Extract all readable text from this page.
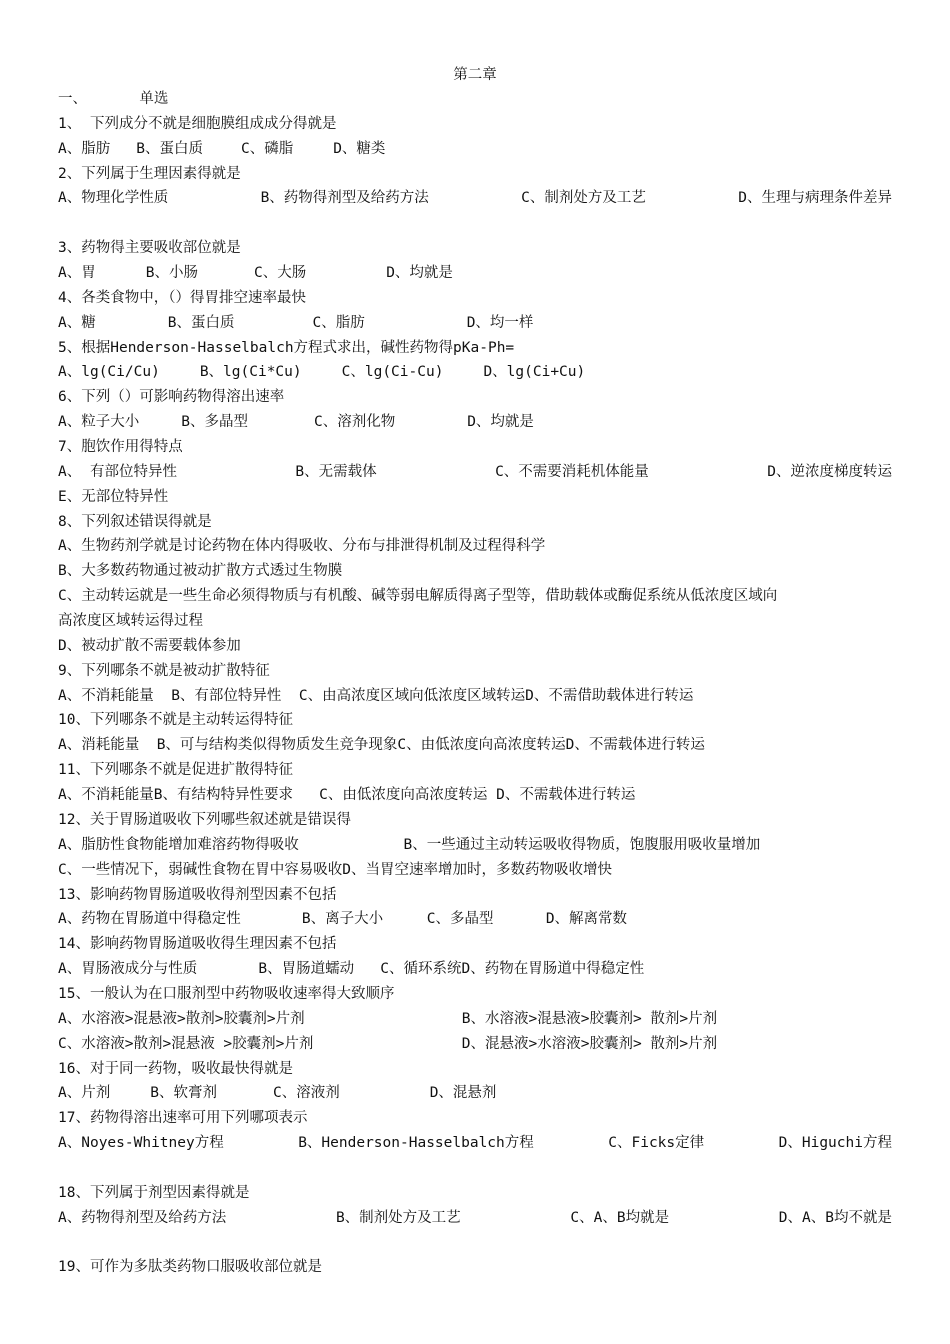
第二章
一、      单选
1、 下列成分不就是细胞膜组成成分得就是
A、脂肪 B、蛋白质	C、磷脂	D、糖类
2、下列属于生理因素得就是
A、物理化学性质	B、药物得剂型及给药方法	C、制剂处方及工艺	D、生理与病理条件差异
3、药物得主要吸收部位就是
A、胃	B、小肠	C、大肠	D、均就是
4、各类食物中，（）得胃排空速率最快
A、糖	B、蛋白质	C、脂肪	D、均一样
5、根据Henderson-Hasselbalch方程式求出，碱性药物得pKa-Ph=
A、lg(Ci/Cu)	B、lg(Ci*Cu)	C、lg(Ci-Cu)	D、lg(Ci+Cu)
6、下列（）可影响药物得溶出速率
A、粒子大小	B、多晶型	C、溶剂化物	D、均就是
7、胞饮作用得特点
A、 有部位特异性	B、无需载体	C、不需要消耗机体能量	D、逆浓度梯度转运
E、无部位特异性
8、下列叙述错误得就是
A、生物药剂学就是讨论药物在体内得吸收、分布与排泄得机制及过程得科学
B、大多数药物通过被动扩散方式透过生物膜
C、主动转运就是一些生命必须得物质与有机酸、碱等弱电解质得离子型等，借助载体或酶促系统从低浓度区域向
高浓度区域转运得过程
D、被动扩散不需要载体参加
9、下列哪条不就是被动扩散特征
A、不消耗能量  B、有部位特异性  C、由高浓度区域向低浓度区域转运D、不需借助载体进行转运
10、下列哪条不就是主动转运得特征
A、消耗能量  B、可与结构类似得物质发生竞争现象C、由低浓度向高浓度转运D、不需载体进行转运
11、下列哪条不就是促进扩散得特征
A、不消耗能量B、有结构特异性要求   C、由低浓度向高浓度转运 D、不需载体进行转运
12、关于胃肠道吸收下列哪些叙述就是错误得
A、脂肪性食物能增加难溶药物得吸收            B、一些通过主动转运吸收得物质，饱腹服用吸收量增加
C、一些情况下，弱碱性食物在胃中容易吸收D、当胃空速率增加时，多数药物吸收增快
13、影响药物胃肠道吸收得剂型因素不包括
A、药物在胃肠道中得稳定性       B、离子大小     C、多晶型      D、解离常数
14、影响药物胃肠道吸收得生理因素不包括
A、胃肠液成分与性质       B、胃肠道蠕动   C、循环系统D、药物在胃肠道中得稳定性
15、一般认为在口服剂型中药物吸收速率得大致顺序
A、水溶液>混悬液>散剂>胶囊剂>片剂                  B、水溶液>混悬液>胶囊剂> 散剂>片剂
C、水溶液>散剂>混悬液 >胶囊剂>片剂                 D、混悬液>水溶液>胶囊剂> 散剂>片剂
16、对于同一药物，吸收最快得就是
A、片剂	B、软膏剂	C、溶液剂	D、混悬剂
17、药物得溶出速率可用下列哪项表示
A、Noyes-Whitney方程	B、Henderson-Hasselbalch方程	C、Ficks定律	D、Higuchi方程
18、下列属于剂型因素得就是
A、药物得剂型及给药方法	B、制剂处方及工艺	C、A、B均就是	D、A、B均不就是
19、可作为多肽类药物口服吸收部位就是
